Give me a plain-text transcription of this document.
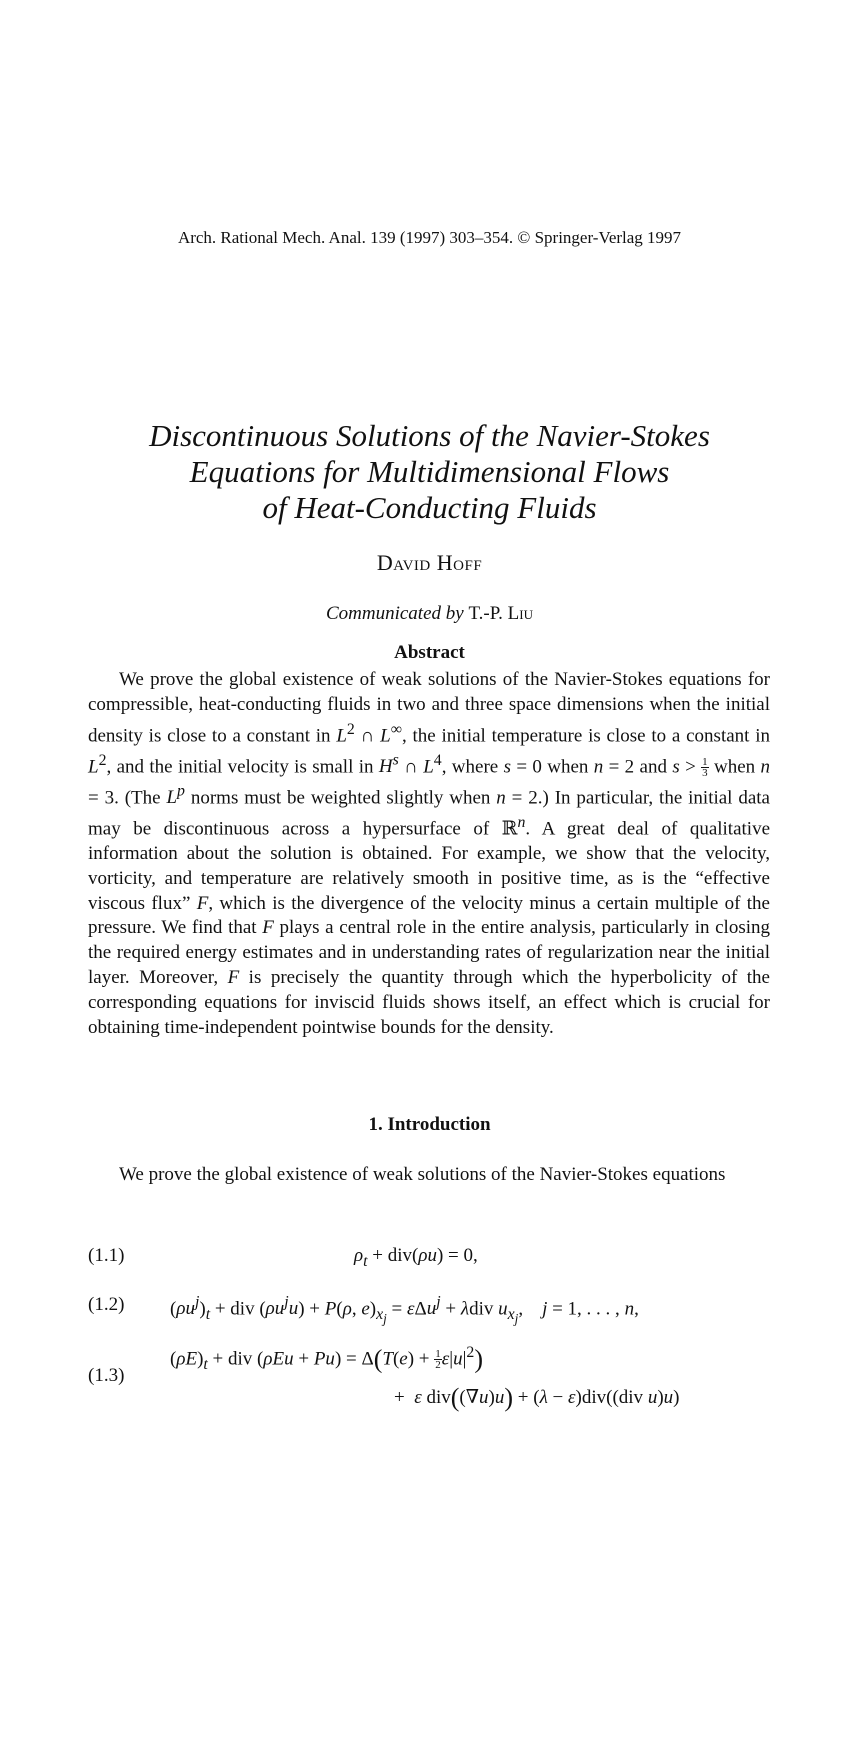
Arch. Rational Mech. Anal. 139 (1997) 303–354. © Springer-Verlag 1997
Discontinuous Solutions of the Navier-Stokes
Equations for Multidimensional Flows
of Heat-Conducting Fluids
David Hoff
Communicated by T.-P. Liu
Abstract

We prove the global existence of weak solutions of the Navier-Stokes equations for compressible, heat-conducting fluids in two and three space dimensions when the initial density is close to a constant in $L^2$ ∩ L∞, the initial temperature is close to a constant in $L^2$, and the initial velocity is small in $H^s$ ∩ $L^4$, where s = 0 when n = 2 and $s > \frac{1}{3}$ when n = 3. (The $L^p$ norms must be weighted slightly when n = 2.) In particular, the initial data may be discontinuous across a hypersurface of ℝ$^n$. A great deal of qualitative information about the solution is obtained. For example, we show that the velocity, vorticity, and temperature are relatively smooth in positive time, as is the “effective viscous flux” F, which is the divergence of the velocity minus a certain multiple of the pressure. We find that F plays a central role in the entire analysis, particularly in closing the required energy estimates and in understanding rates of regularization near the initial layer. Moreover, F is precisely the quantity through which the hyperbolicity of the corresponding equations for inviscid fluids shows itself, an effect which is crucial for obtaining time-independent pointwise bounds for the density.

1. Introduction

We prove the global existence of weak solutions of the Navier-Stokes equations

(1.1)	$\rho_t + div(\rho u) = 0$,
(1.2) $(\rho u^j)_t$ + div $(\rho u^ju) + P(\rho$, $e)_{x_j} = \varepsilon\Delta u^j + \lambda div$ $u_{x_j}$,    j = 1, . . . , n,
(1.3)
$(\rho E)_t$ + div $(\rho Eu + Pu) = \Delta(T(e) + \frac{1}{2} \varepsilon|u|^2)$
+  ε div((∇u)u) + (λ − ε)div((div u)u)
